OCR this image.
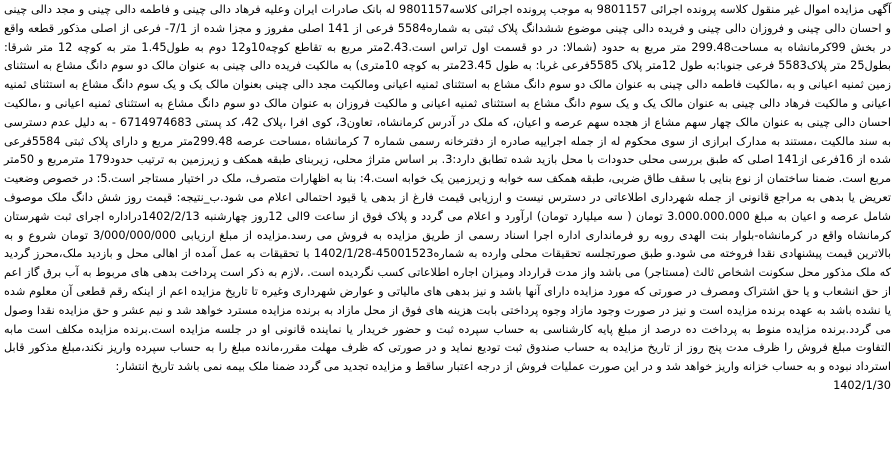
آگهی مزایده اموال غیر منقول کلاسه پرونده اجرائی 9801157 به موجب پرونده اجرائی کلاسه9801157 له بانک صادرات ایران وعلیه فرهاد دالی چینی و فاطمه دالی چینی و مجد دالی چینی و احسان دالی چینی و فروزان دالی چینی و فریده دالی چینی موضوع ششدانگ پلاک ثبتی به شماره5584 فرعی از 141 اصلی مفروز و مجزا شده از 7/1- فرعی از اصلی مذکور قطعه واقع در بخش 99کرمانشاه به مساحت299.48 متر مربع به حدود (شمالا: در دو قسمت اول تراس است.2.43متر مربع به تقاطع کوچه10و12 دوم به طول1.45 متر به کوچه 12 متر شرقا: بطول25 متر پلاک5583 فرعی جنوبا:به طول 12متر پلاک 5585فرعی غربا: به طول 23.45متر به کوچه 10متری) به مالکیت فریده دالی چینی به عنوان مالک دو سوم دانگ مشاع به استثنای زمین ثمنیه اعیانی و به ،مالکیت فاطمه دالی چینی به عنوان مالک دو سوم دانگ مشاع به استثنای ثمنیه اعیانی ومالکیت مجد دالی چینی بعنوان مالک یک و یک سوم دانگ مشاع به استثنای ثمنیه اعیانی و مالکیت فرهاد دالی چینی به عنوان مالک یک و یک سوم دانگ مشاع به استثنای ثمنیه اعیانی و مالکیت فروزان به عنوان مالک دو سوم دانگ مشاع به استثنای ثمنیه اعیانی و ،مالکیت احسان دالی چینی به عنوان مالک چهار سهم مشاع از هجده سهم عرصه و اعیان، که ملک در آدرس کرمانشاه، تعاون3، کوی افرا ،پلاک 42، کد پستی 6714974683 - به دلیل عدم دسترسی به سند مالکیت ،مستند به مدارک ابرازی از سوی محکوم له از جمله اجراییه صادره از دفترخانه رسمی شماره 7 کرمانشاه ،مساحت عرصه 299.48متر مربع و دارای پلاک ثبتی 5584فرعی شده از 16فرعی از141 اصلی که طبق بررسی محلی حدودات با محل بازید شده تطابق دارد:3. بر اساس متراژ محلی، زیربنای طبقه همکف و زیرزمین به ترتیب حدود179 مترمربع و 50متر مربع است. ضمنا ساختمان از نوع بنایی با سقف طاق ضربی، طبقه همکف سه خوابه و زیرزمین یک خوابه است.4: بنا به اظهارات متصرف، ملک در اختیار مستاجر است.5: در خصوص وضعیت تعریض یا بدهی به مراجع قانونی از جمله شهرداری اطلاعاتی در دسترس نیست و ارزیابی قیمت فارغ از بدهی یا قیود احتمالی اعلام می شود.ب_نتیجه: قیمت روز شش دانگ ملک موصوف شامل عرصه و اعیان به مبلغ 3.000.000.000 تومان ( سه میلیارد تومان) ارآورد و اعلام می گردد و پلاک فوق از ساعت 9الی 12روز چهارشنبه 1402/2/13دراداره اجرای ثبت شهرستان کرمانشاه واقع در کرمانشاه-بلوار بنت الهدی روبه رو فرمانداری اداره اجرا اسناد رسمی از طریق مزایده به فروش می رسد.مزایده از مبلغ ارزیابی 3/000/000/000 تومان شروع و به بالاترین قیمت پیشنهادی نقدا فروخته می شود.و طبق صورتجلسه تحقیقات محلی وارده به شماره45001523-1402/1/28 با تحقیقات به عمل آمده از اهالی محل و بازدید ملک،محرز گردید که ملک مذکور محل سکونت اشخاص ثالث (مستاجر) می باشد واز مدت قرارداد ومیزان اجاره اطلاعاتی کسب نگردیده است. ،لازم به ذکر است پرداخت بدهی های مربوط به آب برق گاز اعم از حق انشعاب و یا حق اشتراک ومصرف در صورتی که مورد مزایده دارای آنها باشد و نیز بدهی های مالیاتی و عوارض شهرداری وغیره تا تاریخ مزایده اعم از اینکه رقم قطعی آن معلوم شده یا نشده باشد به عهده برنده مزایده است و نیز در صورت وجود مازاد وجوه پرداختی بابت هزینه های فوق از محل مازاد به برنده مزایده مسترد خواهد شد و نیم عشر و حق مزایده نقدا وصول می گردد.برنده مزایده منوط به پرداخت ده درصد از مبلغ پایه کارشناسی به حساب سپرده ثبت و حضور خریدار یا نماینده قانونی او در جلسه مزایده است.برنده مزایده مکلف است مابه التفاوت مبلغ فروش را ظرف مدت پنج روز از تاریخ مزایده به حساب صندوق ثبت تودیع نماید و در صورتی که ظرف مهلت مقرر،مانده مبلغ را به حساب سپرده واریز نکند،مبلغ مذکور قابل استرداد نبوده و به حساب خزانه واریز خواهد شد و در این صورت عملیات فروش از درجه اعتبار ساقط و مزایده تجدید می گردد ضمنا ملک بیمه نمی باشد تاریخ انتشار:

1402/1/30
